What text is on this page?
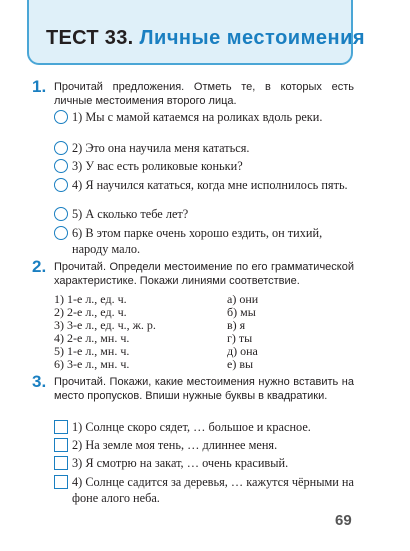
ТЕСТ 33. Личные местоимения
1. Прочитай предложения. Отметь те, в которых есть личные местоимения второго лица.
1) Мы с мамой катаемся на роликах вдоль реки.
2) Это она научила меня кататься.
3) У вас есть роликовые коньки?
4) Я научился кататься, когда мне исполнилось пять.
5) А сколько тебе лет?
6) В этом парке очень хорошо ездить, он тихий, народу мало.
2. Прочитай. Определи местоимение по его грамматической характеристике. Покажи линиями соответствие.
1) 1-е л., ед. ч.	а) они
2) 2-е л., ед. ч.	б) мы
3) 3-е л., ед. ч., ж. р.	в) я
4) 2-е л., мн. ч.	г) ты
5) 1-е л., мн. ч.	д) она
6) 3-е л., мн. ч.	е) вы
3. Прочитай. Покажи, какие местоимения нужно вставить на место пропусков. Впиши нужные буквы в квадратики.
1) Солнце скоро сядет, … большое и красное.
2) На земле моя тень, … длиннее меня.
3) Я смотрю на закат, … очень красивый.
4) Солнце садится за деревья, … кажутся чёрными на фоне алого неба.
69
